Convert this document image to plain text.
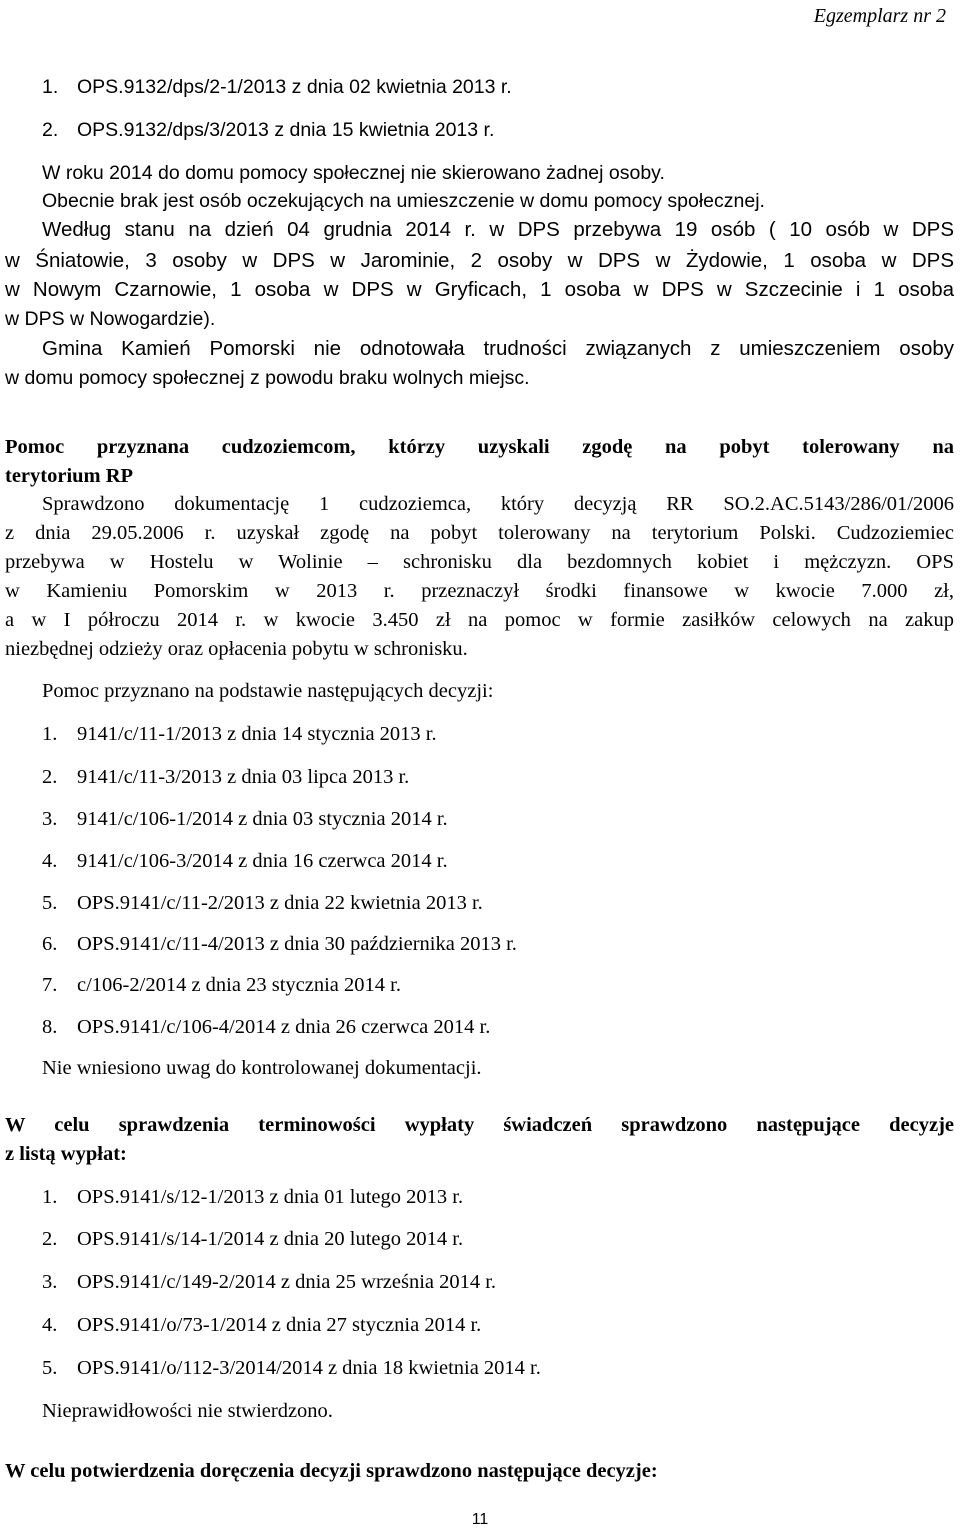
Egzemplarz nr 2
1. OPS.9132/dps/2-1/2013 z dnia 02 kwietnia 2013 r.
2. OPS.9132/dps/3/2013 z dnia 15 kwietnia 2013 r.
W roku 2014 do domu pomocy społecznej nie skierowano żadnej osoby.
Obecnie brak jest osób oczekujących na umieszczenie w domu pomocy społecznej.
Według stanu na dzień 04 grudnia 2014 r. w DPS przebywa 19 osób ( 10 osób w DPS
w Śniatowie, 3 osoby w DPS w Jarominie, 2 osoby w DPS w Żydowie, 1 osoba w DPS
w Nowym Czarnowie, 1 osoba w DPS w Gryficach, 1 osoba w DPS w Szczecinie i 1 osoba
w DPS w Nowogardzie).
Gmina Kamień Pomorski nie odnotowała trudności związanych z umieszczeniem osoby
w domu pomocy społecznej z powodu braku wolnych miejsc.
Pomoc przyznana cudzoziemcom, którzy uzyskali zgodę na pobyt tolerowany na
terytorium RP
Sprawdzono dokumentację 1 cudzoziemca, który decyzją RR SO.2.AC.5143/286/01/2006
z dnia 29.05.2006 r. uzyskał zgodę na pobyt tolerowany na terytorium Polski. Cudzoziemiec
przebywa w Hostelu w Wolinie – schronisku dla bezdomnych kobiet i mężczyzn. OPS
w Kamieniu Pomorskim w 2013 r. przeznaczył środki finansowe w kwocie 7.000 zł,
a w I półroczu 2014 r. w kwocie 3.450 zł na pomoc w formie zasiłków celowych na zakup
niezbędnej odzieży oraz opłacenia pobytu w schronisku.
Pomoc przyznano na podstawie następujących decyzji:
1. 9141/c/11-1/2013 z dnia 14 stycznia 2013 r.
2. 9141/c/11-3/2013 z dnia 03 lipca 2013 r.
3. 9141/c/106-1/2014 z dnia 03 stycznia 2014 r.
4. 9141/c/106-3/2014 z dnia 16 czerwca 2014 r.
5. OPS.9141/c/11-2/2013 z dnia 22 kwietnia 2013 r.
6. OPS.9141/c/11-4/2013 z dnia 30 października 2013 r.
7. c/106-2/2014 z dnia 23 stycznia 2014 r.
8. OPS.9141/c/106-4/2014 z dnia 26 czerwca 2014 r.
Nie wniesiono uwag do kontrolowanej dokumentacji.
W celu sprawdzenia terminowości wypłaty świadczeń sprawdzono następujące decyzje
z listą wypłat:
1. OPS.9141/s/12-1/2013 z dnia 01 lutego 2013 r.
2. OPS.9141/s/14-1/2014 z dnia 20 lutego 2014 r.
3. OPS.9141/c/149-2/2014 z dnia 25 września 2014 r.
4. OPS.9141/o/73-1/2014 z dnia 27 stycznia 2014 r.
5. OPS.9141/o/112-3/2014/2014 z dnia 18 kwietnia 2014 r.
Nieprawidłowości nie stwierdzono.
W celu potwierdzenia doręczenia decyzji sprawdzono następujące decyzje:
11
